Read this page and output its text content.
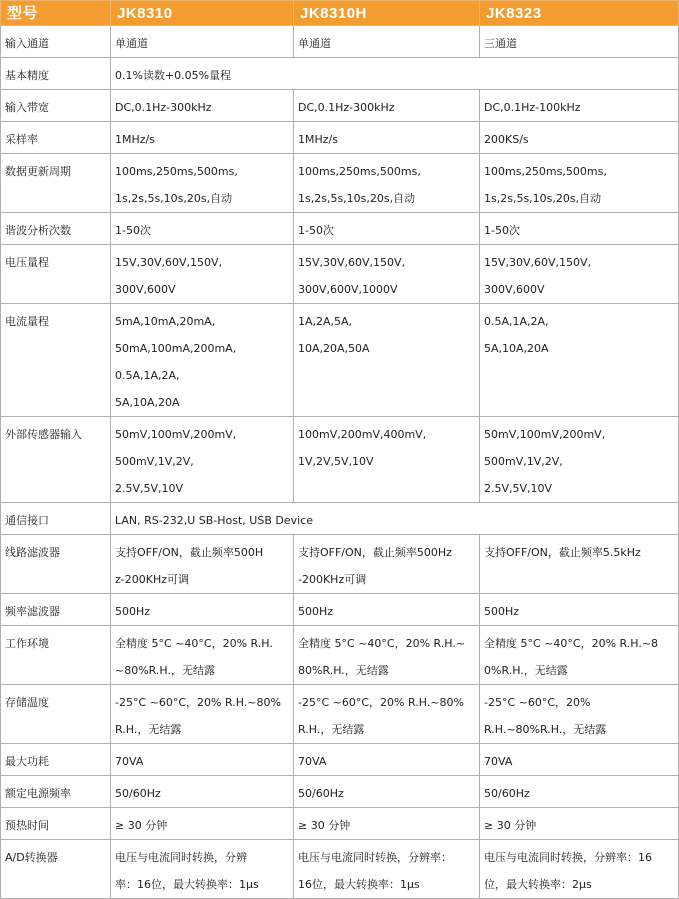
型号	JK8310	JK8310H	JK8323
输入通道	单通道	单通道	三通道

基本精度	0.1%读数+0.05%量程		

输入带宽	DC,0.1Hz-300kHz	DC,0.1Hz-300kHz	DC,0.1Hz-100kHz

采样率	1MHz/s	1MHz/s	200KS/s

数据更新周期	100ms,250ms,500ms,
1s,2s,5s,10s,20s,自动	100ms,250ms,500ms,
1s,2s,5s,10s,20s,自动	100ms,250ms,500ms,
1s,2s,5s,10s,20s,自动

谐波分析次数	1-50次	1-50次	1-50次

电压量程	15V,30V,60V,150V,
300V,600V	15V,30V,60V,150V,
300V,600V,1000V	15V,30V,60V,150V,
300V,600V

电流量程	5mA,10mA,20mA,
50mA,100mA,200mA,
0.5A,1A,2A,
5A,10A,20A	1A,2A,5A,
10A,20A,50A	0.5A,1A,2A,
5A,10A,20A

外部传感器输入	50mV,100mV,200mV,
500mV,1V,2V,
2.5V,5V,10V	100mV,200mV,400mV,
1V,2V,5V,10V	50mV,100mV,200mV,
500mV,1V,2V,
2.5V,5V,10V

通信接口	LAN, RS-232,U SB-Host, USB Device		

线路滤波器	支持OFF/ON，截止频率500H
z-200KHz可调	支持OFF/ON，截止频率500Hz
-200KHz可调	支持OFF/ON，截止频率5.5kHz

频率滤波器	500Hz	500Hz	500Hz

工作环境	全精度 5°C ~40°C，20% R.H.
~80%R.H.，无结露	全精度 5°C ~40°C，20% R.H.~
80%R.H.，无结露	全精度 5°C ~40°C，20% R.H.~8
0%R.H.，无结露

存储温度	-25°C ~60°C，20% R.H.~80%
R.H.，无结露	-25°C ~60°C，20% R.H.~80%
R.H.，无结露	-25°C ~60°C，20%
R.H.~80%R.H.，无结露

最大功耗	70VA	70VA	70VA

额定电源频率	50/60Hz	50/60Hz	50/60Hz

预热时间	≥ 30 分钟	≥ 30 分钟	≥ 30 分钟

A/D转换器	电压与电流同时转换，分辨
率：16位，最大转换率：1μs	电压与电流同时转换，分辨率：
16位，最大转换率：1μs	电压与电流同时转换，分辨率：16
位，最大转换率：2μs
